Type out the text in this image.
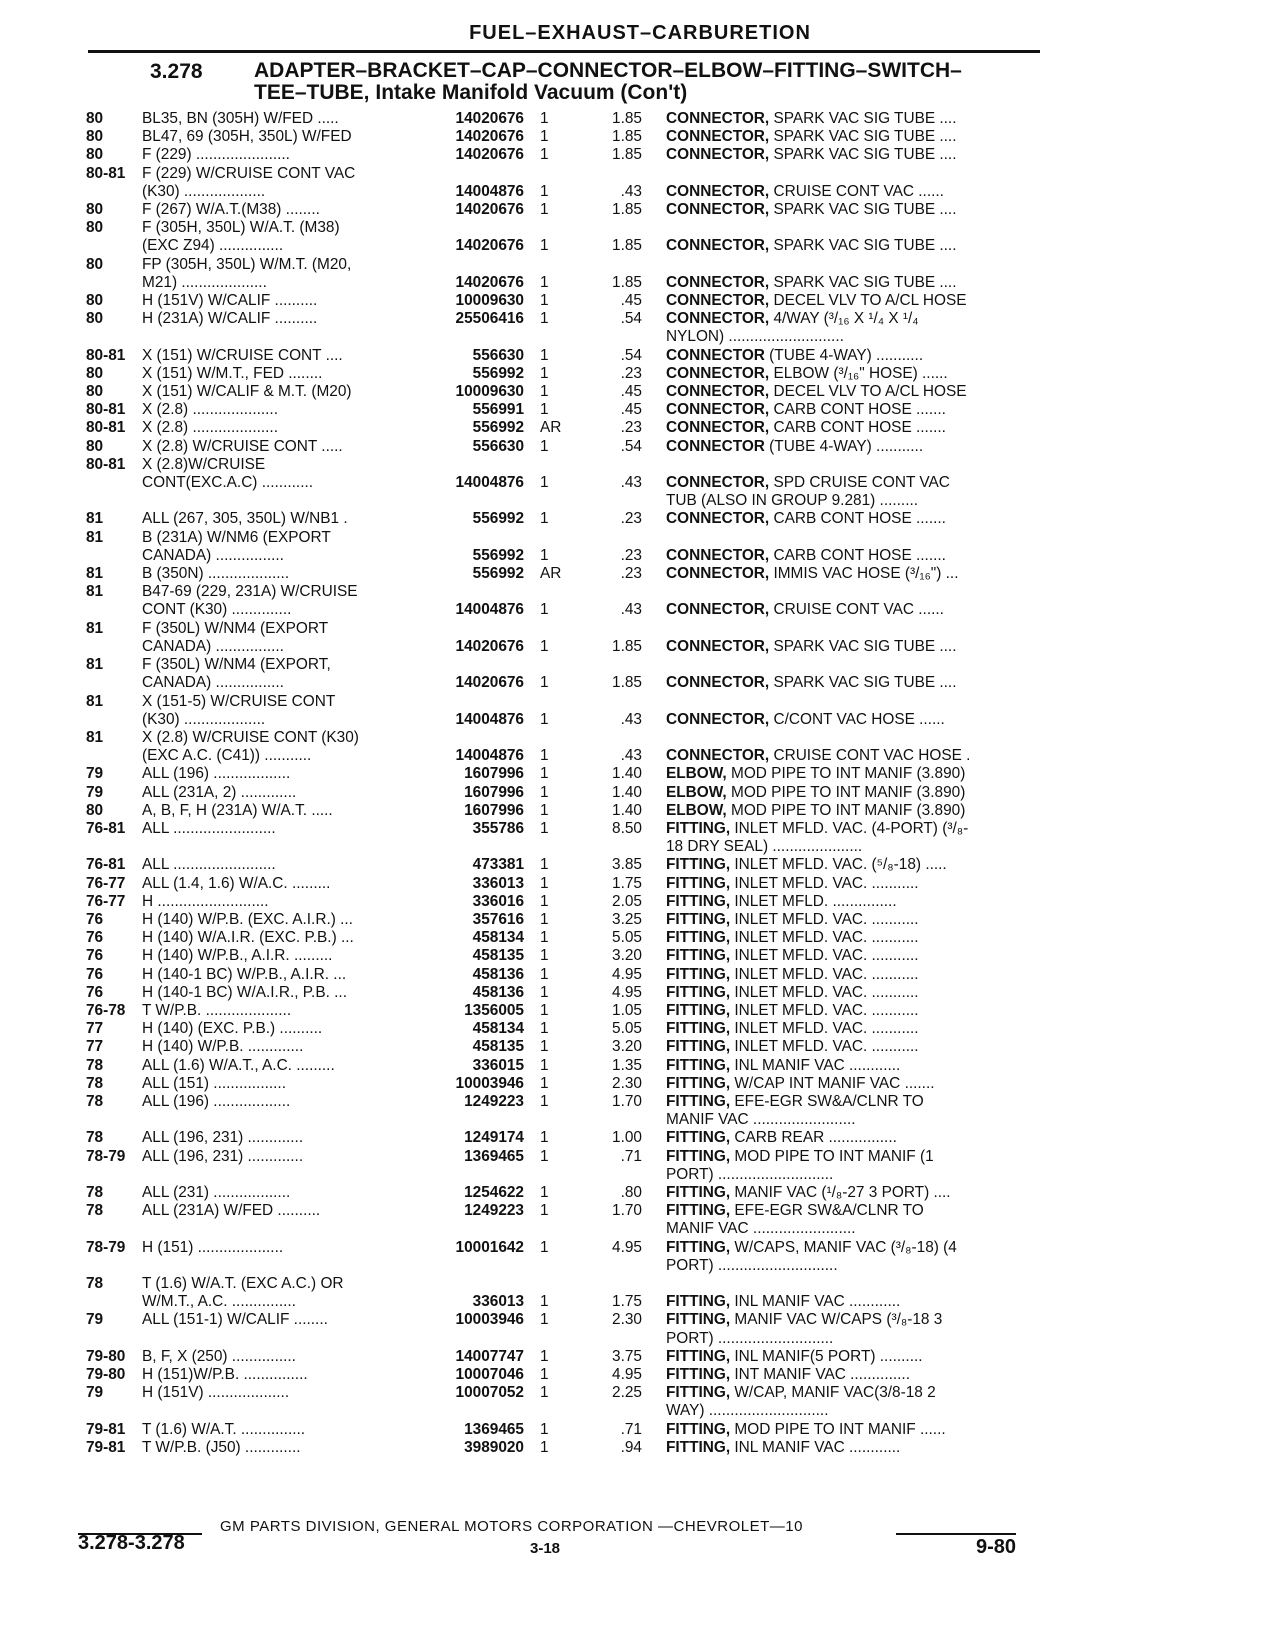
FUEL–EXHAUST–CARBURETION
3.278 ADAPTER–BRACKET–CAP–CONNECTOR–ELBOW–FITTING–SWITCH–
TEE–TUBE, Intake Manifold Vacuum (Con't)
80	BL35, BN (305H) W/FED .....	14020676	1	1.85	CONNECTOR, SPARK VAC SIG TUBE ....
80	BL47, 69 (305H, 350L) W/FED	14020676	1	1.85	CONNECTOR, SPARK VAC SIG TUBE ....
80	F (229) ......................	14020676	1	1.85	CONNECTOR, SPARK VAC SIG TUBE ....
80-81	F (229) W/CRUISE CONT VAC
(K30) ...................	14004876	1	.43	CONNECTOR, CRUISE CONT VAC ......
80	F (267) W/A.T.(M38) ........	14020676	1	1.85	CONNECTOR, SPARK VAC SIG TUBE ....
80	F (305H, 350L) W/A.T. (M38)
(EXC Z94) ...............	14020676	1	1.85	CONNECTOR, SPARK VAC SIG TUBE ....
80	FP (305H, 350L) W/M.T. (M20,
M21) ....................	14020676	1	1.85	CONNECTOR, SPARK VAC SIG TUBE ....
80	H (151V) W/CALIF ..........	10009630	1	.45	CONNECTOR, DECEL VLV TO A/CL HOSE
80	H (231A) W/CALIF ..........	25506416	1	.54	CONNECTOR, 4/WAY (³/₁₆ X ¹/₄ X ¹/₄
NYLON) ...........................
80-81	X (151) W/CRUISE CONT ....	556630	1	.54	CONNECTOR (TUBE 4-WAY) ...........
80	X (151) W/M.T., FED ........	556992	1	.23	CONNECTOR, ELBOW (³/₁₆" HOSE) ......
80	X (151) W/CALIF & M.T. (M20)	10009630	1	.45	CONNECTOR, DECEL VLV TO A/CL HOSE
80-81	X (2.8) ....................	556991	1	.45	CONNECTOR, CARB CONT HOSE .......
80-81	X (2.8) ....................	556992	AR	.23	CONNECTOR, CARB CONT HOSE .......
80	X (2.8) W/CRUISE CONT .....	556630	1	.54	CONNECTOR (TUBE 4-WAY) ...........
80-81	X (2.8)W/CRUISE
CONT(EXC.A.C) ............	14004876	1	.43	CONNECTOR, SPD CRUISE CONT VAC
TUB (ALSO IN GROUP 9.281) .........
81	ALL (267, 305, 350L) W/NB1 .	556992	1	.23	CONNECTOR, CARB CONT HOSE .......
81	B (231A) W/NM6 (EXPORT
CANADA) ................	556992	1	.23	CONNECTOR, CARB CONT HOSE .......
81	B (350N) ...................	556992	AR	.23	CONNECTOR, IMMIS VAC HOSE (³/₁₆") ...
81	B47-69 (229, 231A) W/CRUISE
CONT (K30) ..............	14004876	1	.43	CONNECTOR, CRUISE CONT VAC ......
81	F (350L) W/NM4 (EXPORT
CANADA) ................	14020676	1	1.85	CONNECTOR, SPARK VAC SIG TUBE ....
81	F (350L) W/NM4 (EXPORT,
CANADA) ................	14020676	1	1.85	CONNECTOR, SPARK VAC SIG TUBE ....
81	X (151-5) W/CRUISE CONT
(K30) ...................	14004876	1	.43	CONNECTOR, C/CONT VAC HOSE ......
81	X (2.8) W/CRUISE CONT (K30)
(EXC A.C. (C41)) ...........	14004876	1	.43	CONNECTOR, CRUISE CONT VAC HOSE .
79	ALL (196) ..................	1607996	1	1.40	ELBOW, MOD PIPE TO INT MANIF (3.890)
79	ALL (231A, 2) .............	1607996	1	1.40	ELBOW, MOD PIPE TO INT MANIF (3.890)
80	A, B, F, H (231A) W/A.T. .....	1607996	1	1.40	ELBOW, MOD PIPE TO INT MANIF (3.890)
76-81	ALL ........................	355786	1	8.50	FITTING, INLET MFLD. VAC. (4-PORT) (³/₈-
18 DRY SEAL) .....................
76-81	ALL ........................	473381	1	3.85	FITTING, INLET MFLD. VAC. (⁵/₈-18) .....
76-77	ALL (1.4, 1.6) W/A.C. .........	336013	1	1.75	FITTING, INLET MFLD. VAC. ...........
76-77	H ..........................	336016	1	2.05	FITTING, INLET MFLD. ...............
76	H (140) W/P.B. (EXC. A.I.R.) ...	357616	1	3.25	FITTING, INLET MFLD. VAC. ...........
76	H (140) W/A.I.R. (EXC. P.B.) ...	458134	1	5.05	FITTING, INLET MFLD. VAC. ...........
76	H (140) W/P.B., A.I.R. .........	458135	1	3.20	FITTING, INLET MFLD. VAC. ...........
76	H (140-1 BC) W/P.B., A.I.R. ...	458136	1	4.95	FITTING, INLET MFLD. VAC. ...........
76	H (140-1 BC) W/A.I.R., P.B. ...	458136	1	4.95	FITTING, INLET MFLD. VAC. ...........
76-78	T W/P.B. ....................	1356005	1	1.05	FITTING, INLET MFLD. VAC. ...........
77	H (140) (EXC. P.B.) ..........	458134	1	5.05	FITTING, INLET MFLD. VAC. ...........
77	H (140) W/P.B. .............	458135	1	3.20	FITTING, INLET MFLD. VAC. ...........
78	ALL (1.6) W/A.T., A.C. .........	336015	1	1.35	FITTING, INL MANIF VAC ............
78	ALL (151) .................	10003946	1	2.30	FITTING, W/CAP INT MANIF VAC .......
78	ALL (196) ..................	1249223	1	1.70	FITTING, EFE-EGR SW&A/CLNR TO
MANIF VAC ........................
78	ALL (196, 231) .............	1249174	1	1.00	FITTING, CARB REAR ................
78-79	ALL (196, 231) .............	1369465	1	.71	FITTING, MOD PIPE TO INT MANIF (1
PORT) ...........................
78	ALL (231) ..................	1254622	1	.80	FITTING, MANIF VAC (¹/₈-27 3 PORT) ....
78	ALL (231A) W/FED ..........	1249223	1	1.70	FITTING, EFE-EGR SW&A/CLNR TO
MANIF VAC ........................
78-79	H (151) ....................	10001642	1	4.95	FITTING, W/CAPS, MANIF VAC (³/₈-18) (4
PORT) ............................
78	T (1.6) W/A.T. (EXC A.C.) OR
W/M.T., A.C. ...............	336013	1	1.75	FITTING, INL MANIF VAC ............
79	ALL (151-1) W/CALIF ........	10003946	1	2.30	FITTING, MANIF VAC W/CAPS (³/₈-18 3
PORT) ...........................
79-80	B, F, X (250) ...............	14007747	1	3.75	FITTING, INL MANIF(5 PORT) ..........
79-80	H (151)W/P.B. ...............	10007046	1	4.95	FITTING, INT MANIF VAC ..............
79	H (151V) ...................	10007052	1	2.25	FITTING, W/CAP, MANIF VAC(3/8-18 2
WAY) ............................
79-81	T (1.6) W/A.T. ...............	1369465	1	.71	FITTING, MOD PIPE TO INT MANIF ......
79-81	T W/P.B. (J50) .............	3989020	1	.94	FITTING, INL MANIF VAC ............
GM PARTS DIVISION, GENERAL MOTORS CORPORATION —CHEVROLET—10
3.278-3.278	3-18	9-80
